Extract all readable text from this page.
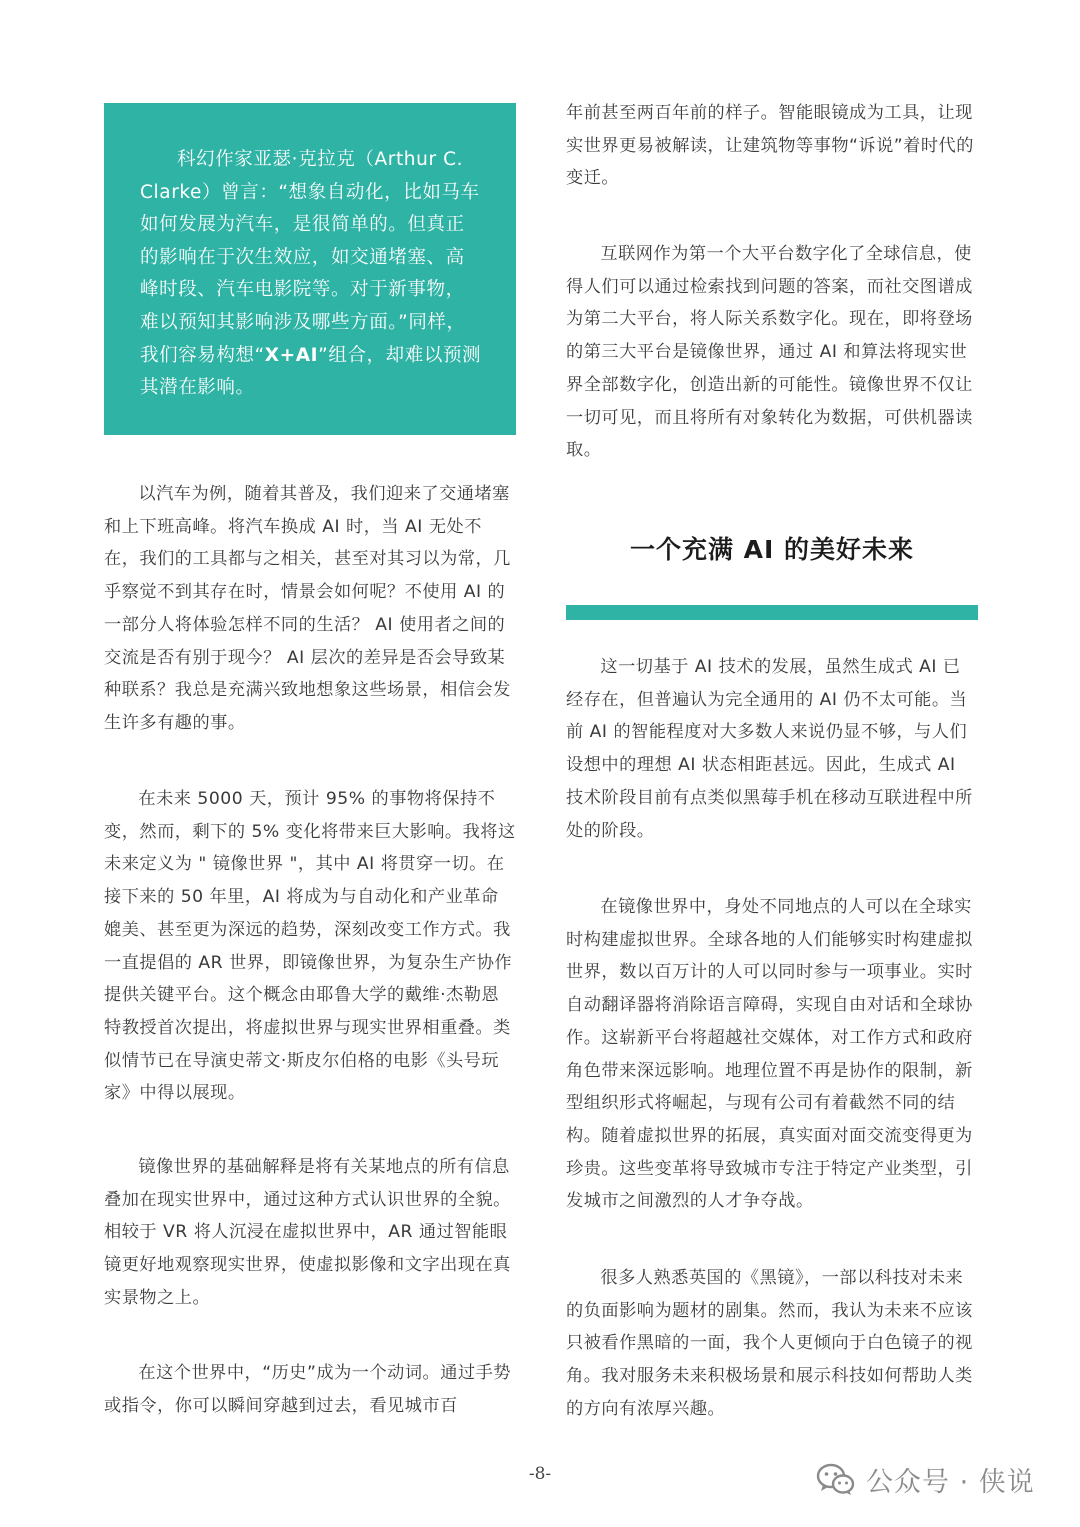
科幻作家亚瑟·克拉克（Arthur C. Clarke）曾言：“想象自动化，比如马车如何发展为汽车，是很简单的。但真正的影响在于次生效应，如交通堵塞、高峰时段、汽车电影院等。对于新事物，难以预知其影响涉及哪些方面。”同样，我们容易构想“X+AI”组合，却难以预测其潜在影响。

以汽车为例，随着其普及，我们迎来了交通堵塞和上下班高峰。将汽车换成 AI 时，当 AI 无处不在，我们的工具都与之相关，甚至对其习以为常，几乎察觉不到其存在时，情景会如何呢？不使用 AI 的一部分人将体验怎样不同的生活？ AI 使用者之间的交流是否有别于现今？ AI 层次的差异是否会导致某种联系？我总是充满兴致地想象这些场景，相信会发生许多有趣的事。

在未来 5000 天，预计 95% 的事物将保持不变，然而，剩下的 5% 变化将带来巨大影响。我将这未来定义为 " 镜像世界 "，其中 AI 将贯穿一切。在接下来的 50 年里，AI 将成为与自动化和产业革命媲美、甚至更为深远的趋势，深刻改变工作方式。我一直提倡的 AR 世界，即镜像世界，为复杂生产协作提供关键平台。这个概念由耶鲁大学的戴维·杰勒恩特教授首次提出，将虚拟世界与现实世界相重叠。类似情节已在导演史蒂文·斯皮尔伯格的电影《头号玩家》中得以展现。

镜像世界的基础解释是将有关某地点的所有信息叠加在现实世界中，通过这种方式认识世界的全貌。相较于 VR 将人沉浸在虚拟世界中，AR 通过智能眼镜更好地观察现实世界，使虚拟影像和文字出现在真实景物之上。

在这个世界中，“历史”成为一个动词。通过手势或指令，你可以瞬间穿越到过去，看见城市百

年前甚至两百年前的样子。智能眼镜成为工具，让现实世界更易被解读，让建筑物等事物“诉说”着时代的变迁。

互联网作为第一个大平台数字化了全球信息，使得人们可以通过检索找到问题的答案，而社交图谱成为第二大平台，将人际关系数字化。现在，即将登场的第三大平台是镜像世界，通过 AI 和算法将现实世界全部数字化，创造出新的可能性。镜像世界不仅让一切可见，而且将所有对象转化为数据，可供机器读取。

一个充满 AI 的美好未来

这一切基于 AI 技术的发展，虽然生成式 AI 已经存在，但普遍认为完全通用的 AI 仍不太可能。当前 AI 的智能程度对大多数人来说仍显不够，与人们设想中的理想 AI 状态相距甚远。因此，生成式 AI 技术阶段目前有点类似黑莓手机在移动互联进程中所处的阶段。

在镜像世界中，身处不同地点的人可以在全球实时构建虚拟世界。全球各地的人们能够实时构建虚拟世界，数以百万计的人可以同时参与一项事业。实时自动翻译器将消除语言障碍，实现自由对话和全球协作。这崭新平台将超越社交媒体，对工作方式和政府角色带来深远影响。地理位置不再是协作的限制，新型组织形式将崛起，与现有公司有着截然不同的结构。随着虚拟世界的拓展，真实面对面交流变得更为珍贵。这些变革将导致城市专注于特定产业类型，引发城市之间激烈的人才争夺战。

很多人熟悉英国的《黑镜》，一部以科技对未来的负面影响为题材的剧集。然而，我认为未来不应该只被看作黑暗的一面，我个人更倾向于白色镜子的视角。我对服务未来积极场景和展示科技如何帮助人类的方向有浓厚兴趣。

-8-	公众号 · 侠说
